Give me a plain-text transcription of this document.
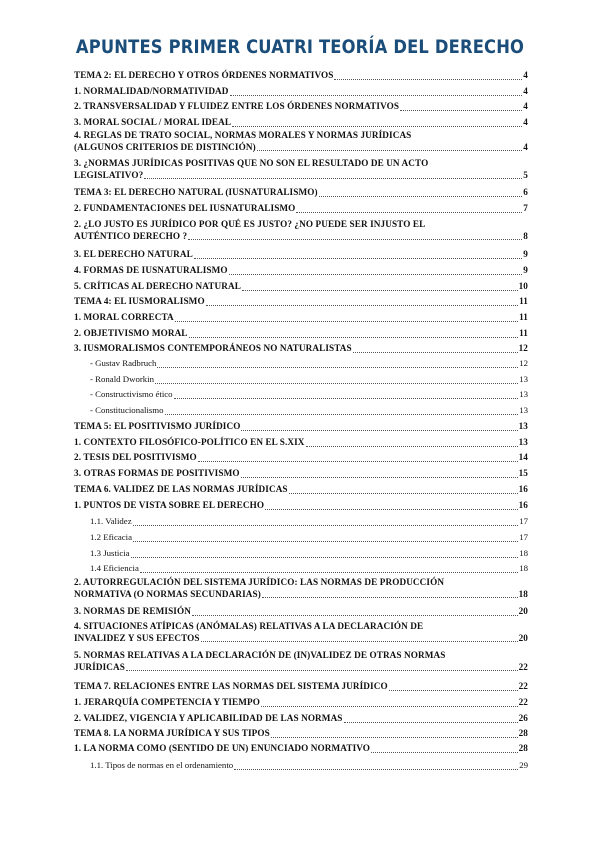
APUNTES PRIMER CUATRI TEORÍA DEL DERECHO
TEMA 2: EL DERECHO Y OTROS ÓRDENES NORMATIVOS	4
1. NORMALIDAD/NORMATIVIDAD	4
2. TRANSVERSALIDAD Y FLUIDEZ ENTRE LOS ÓRDENES NORMATIVOS	4
3. MORAL SOCIAL / MORAL IDEAL	4
4. REGLAS DE TRATO SOCIAL, NORMAS MORALES Y NORMAS JURÍDICAS
(ALGUNOS CRITERIOS DE DISTINCIÓN)	4
3. ¿NORMAS JURÍDICAS POSITIVAS QUE NO SON EL RESULTADO DE UN ACTO
LEGISLATIVO?	5
TEMA 3: EL DERECHO NATURAL (IUSNATURALISMO)	6
2. FUNDAMENTACIONES DEL IUSNATURALISMO	7
2. ¿LO JUSTO ES JURÍDICO POR QUÉ ES JUSTO? ¿NO PUEDE SER INJUSTO EL
AUTÉNTICO DERECHO ?	8
3. EL DERECHO NATURAL	9
4. FORMAS DE IUSNATURALISMO	9
5. CRÍTICAS AL DERECHO NATURAL	10
TEMA 4: EL IUSMORALISMO	11
1. MORAL CORRECTA	11
2. OBJETIVISMO MORAL	11
3. IUSMORALISMOS CONTEMPORÁNEOS NO NATURALISTAS	12
- Gustav Radbruch	12
- Ronald Dworkin	13
- Constructivismo ético	13
- Constitucionalismo	13
TEMA 5: EL POSITIVISMO JURÍDICO	13
1. CONTEXTO FILOSÓFICO-POLÍTICO EN EL S.XIX	13
2. TESIS DEL POSITIVISMO	14
3. OTRAS FORMAS DE POSITIVISMO	15
TEMA 6. VALIDEZ DE LAS NORMAS JURÍDICAS	16
1. PUNTOS DE VISTA SOBRE EL DERECHO	16
1.1. Validez	17
1.2 Eficacia	17
1.3 Justicia	18
1.4 Eficiencia	18
2. AUTORREGULACIÓN DEL SISTEMA JURÍDICO: LAS NORMAS DE PRODUCCIÓN
NORMATIVA (O NORMAS SECUNDARIAS)	18
3. NORMAS DE REMISIÓN	20
4. SITUACIONES ATÍPICAS (ANÓMALAS) RELATIVAS A LA DECLARACIÓN DE
INVALIDEZ Y SUS EFECTOS	20
5. NORMAS RELATIVAS A LA DECLARACIÓN DE (IN)VALIDEZ DE OTRAS NORMAS
JURÍDICAS	22
TEMA 7. RELACIONES ENTRE LAS NORMAS DEL SISTEMA JURÍDICO	22
1. JERARQUÍA COMPETENCIA Y TIEMPO	22
2. VALIDEZ, VIGENCIA Y APLICABILIDAD DE LAS NORMAS	26
TEMA 8. LA NORMA JURÍDICA Y SUS TIPOS	28
1. LA NORMA COMO (SENTIDO DE UN) ENUNCIADO NORMATIVO	28
1.1. Tipos de normas en el ordenamiento	29
